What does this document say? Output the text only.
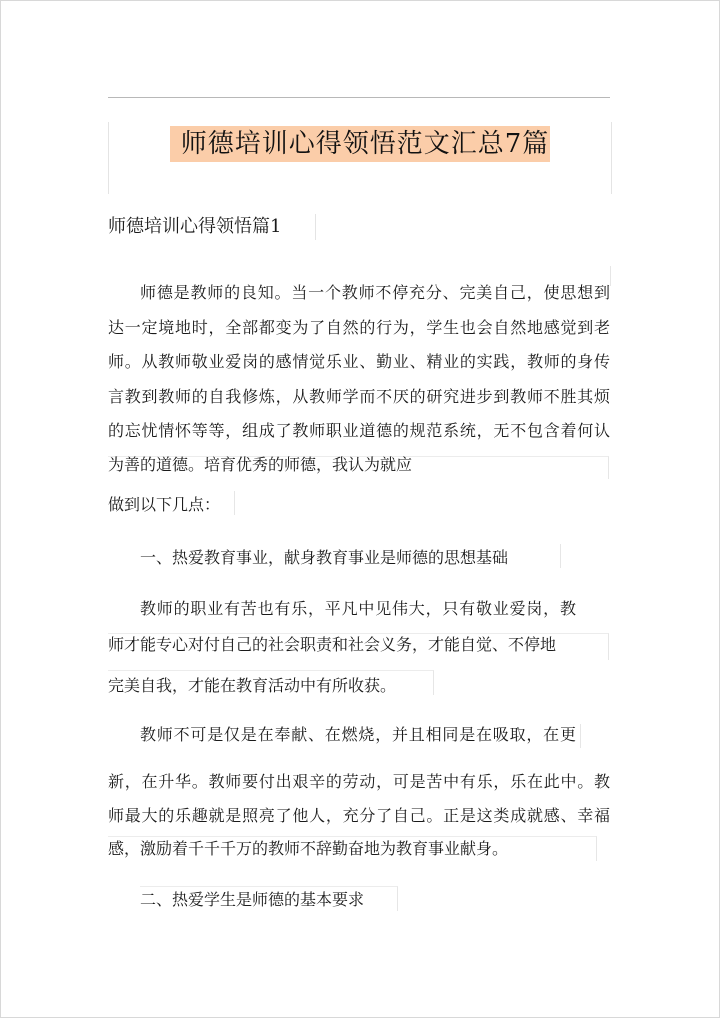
师德培训心得领悟范文汇总7篇
师德培训心得领悟篇1
师德是教师的良知。当一个教师不停充分、完美自己，使思想到
达一定境地时，全部都变为了自然的行为，学生也会自然地感觉到老
师。从教师敬业爱岗的感情觉乐业、勤业、精业的实践，教师的身传
言教到教师的自我修炼，从教师学而不厌的研究进步到教师不胜其烦
的忘忧情怀等等，组成了教师职业道德的规范系统，无不包含着何认
为善的道德。培育优秀的师德，我认为就应
做到以下几点：
一、热爱教育事业，献身教育事业是师德的思想基础
教师的职业有苦也有乐，平凡中见伟大，只有敬业爱岗，教
师才能专心对付自己的社会职责和社会义务，才能自觉、不停地
完美自我，才能在教育活动中有所收获。
教师不可是仅是在奉献、在燃烧，并且相同是在吸取，在更
新，在升华。教师要付出艰辛的劳动，可是苦中有乐，乐在此中。教
师最大的乐趣就是照亮了他人，充分了自己。正是这类成就感、幸福
感，激励着千千千万的教师不辞勤奋地为教育事业献身。
二、热爱学生是师德的基本要求
